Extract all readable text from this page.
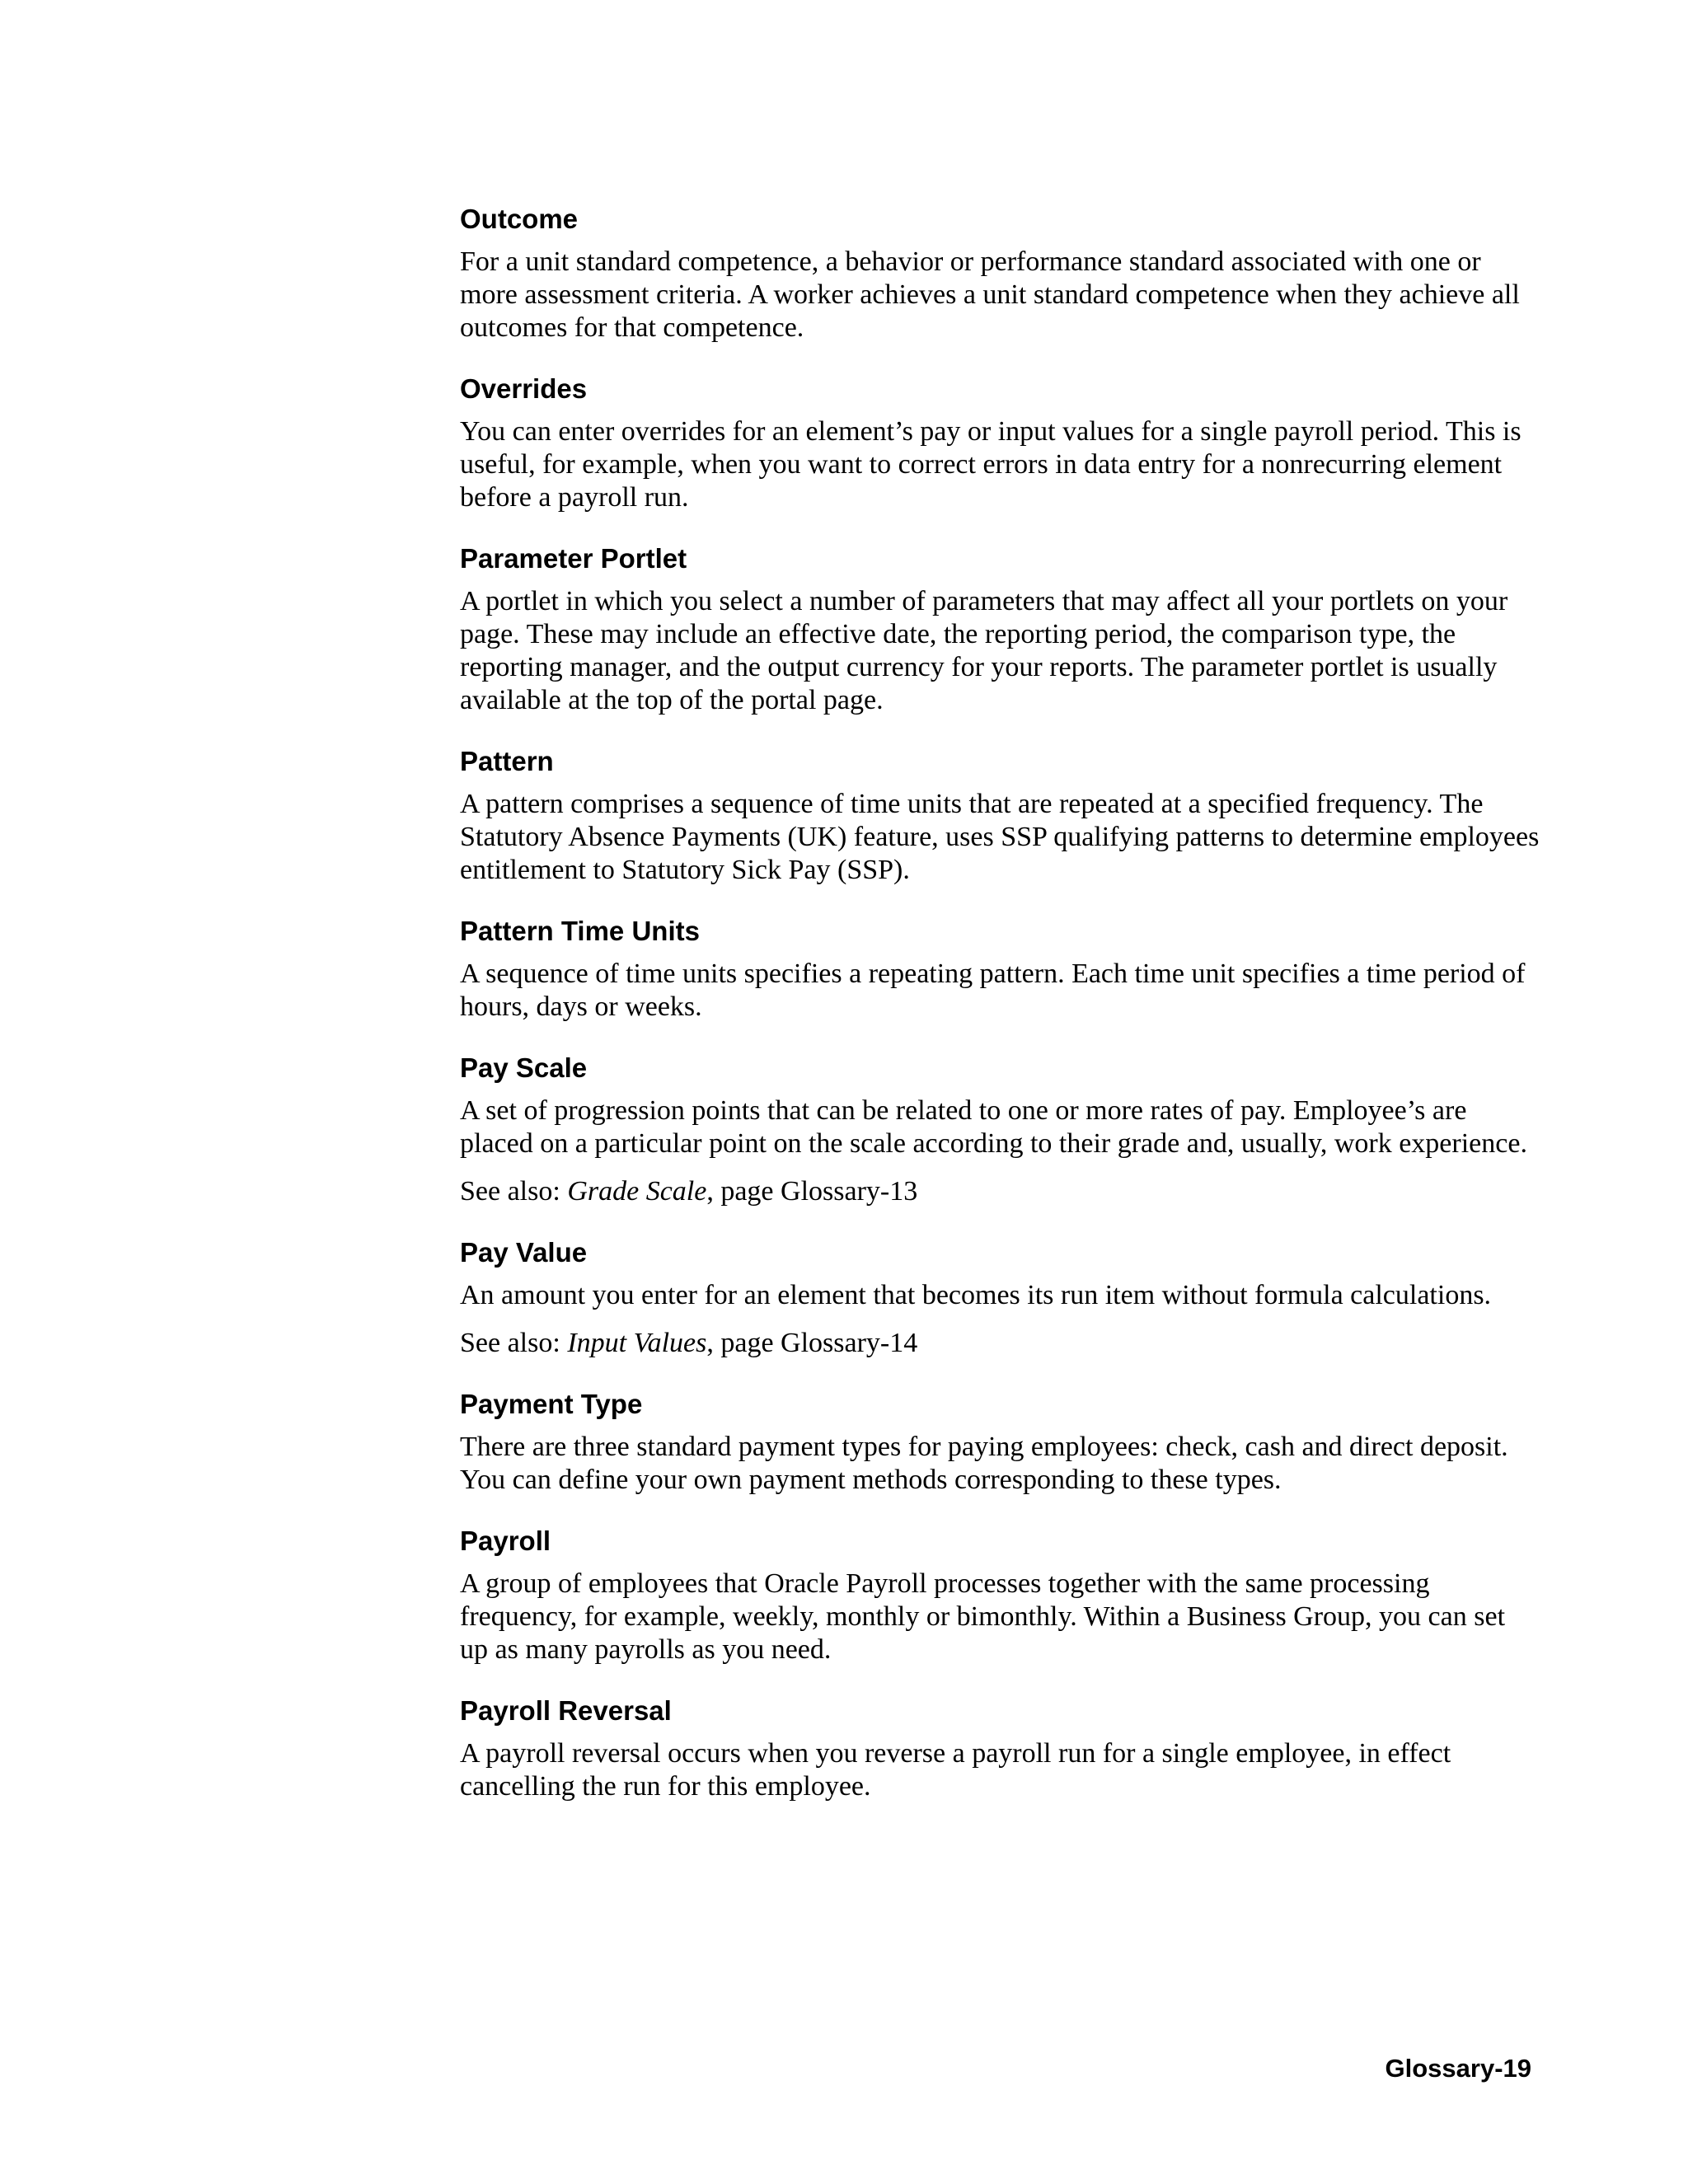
Outcome

For a unit standard competence, a behavior or performance standard associated with one or more assessment criteria. A worker achieves a unit standard competence when they achieve all outcomes for that competence.

Overrides

You can enter overrides for an element’s pay or input values for a single payroll period. This is useful, for example, when you want to correct errors in data entry for a nonrecurring element before a payroll run.

Parameter Portlet

A portlet in which you select a number of parameters that may affect all your portlets on your page. These may include an effective date, the reporting period, the comparison type, the reporting manager, and the output currency for your reports. The parameter portlet is usually available at the top of the portal page.

Pattern

A pattern comprises a sequence of time units that are repeated at a specified frequency. The Statutory Absence Payments (UK) feature, uses SSP qualifying patterns to determine employees entitlement to Statutory Sick Pay (SSP).

Pattern Time Units

A sequence of time units specifies a repeating pattern. Each time unit specifies a time period of hours, days or weeks.

Pay Scale

A set of progression points that can be related to one or more rates of pay. Employee’s are placed on a particular point on the scale according to their grade and, usually, work experience.

See also: Grade Scale, page Glossary-13

Pay Value

An amount you enter for an element that becomes its run item without formula calculations.

See also: Input Values, page Glossary-14

Payment Type

There are three standard payment types for paying employees: check, cash and direct deposit. You can define your own payment methods corresponding to these types.

Payroll

A group of employees that Oracle Payroll processes together with the same processing frequency, for example, weekly, monthly or bimonthly. Within a Business Group, you can set up as many payrolls as you need.

Payroll Reversal

A payroll reversal occurs when you reverse a payroll run for a single employee, in effect cancelling the run for this employee.

Glossary-19
